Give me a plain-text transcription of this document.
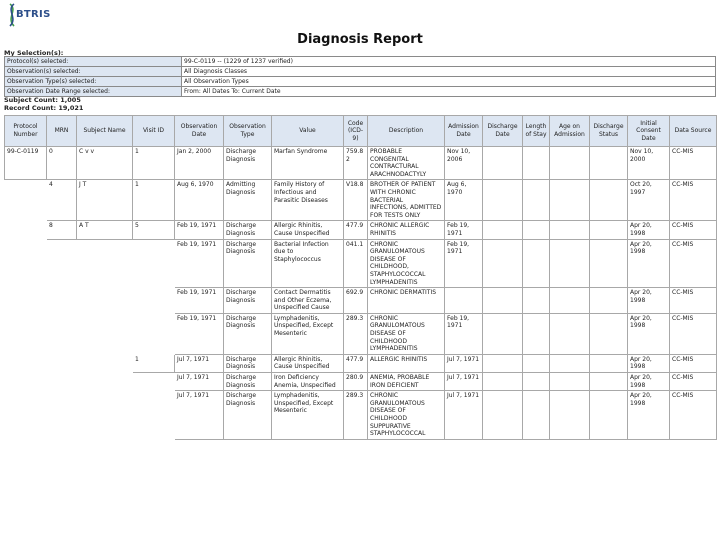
BTRIS
Diagnosis Report
My Selection(s):
Protocol(s) selected:	99-C-0119 -- (1229 of 1237 verified)
Observation(s) selected:	All Diagnosis Classes
Observation Type(s) selected:	All Observation Types
Observation Date Range selected:	From: All Dates To: Current Date
Subject Count: 1,005
Record Count: 19,021
Protocol Number	MRN	Subject Name	Visit ID	Observation Date	Observation Type	Value	Code (ICD-9)	Description	Admission Date	Discharge Date	Length of Stay	Age on Admission	Discharge Status	Initial Consent Date	Data Source
99-C-0119	0	C v v	1	Jan 2, 2000	Discharge Diagnosis	Marfan Syndrome	759.82	PROBABLE CONGENITAL CONTRACTURAL ARACHNODACTYLY	Nov 10, 2006					Nov 10, 2000	CC-MIS
	4	J T	1	Aug 6, 1970	Admitting Diagnosis	Family History of Infectious and Parasitic Diseases	V18.8	BROTHER OF PATIENT WITH CHRONIC BACTERIAL INFECTIONS, ADMITTED FOR TESTS ONLY	Aug 6, 1970					Oct 20, 1997	CC-MIS
	8	A T	5	Feb 19, 1971	Discharge Diagnosis	Allergic Rhinitis, Cause Unspecified	477.9	CHRONIC ALLERGIC RHINITIS	Feb 19, 1971					Apr 20, 1998	CC-MIS
				Feb 19, 1971	Discharge Diagnosis	Bacterial Infection due to Staphylococcus	041.1	CHRONIC GRANULOMATOUS DISEASE OF CHILDHOOD, STAPHYLOCOCCAL LYMPHADENITIS	Feb 19, 1971					Apr 20, 1998	CC-MIS
				Feb 19, 1971	Discharge Diagnosis	Contact Dermatitis and Other Eczema, Unspecified Cause	692.9	CHRONIC DERMATITIS						Apr 20, 1998	CC-MIS
				Feb 19, 1971	Discharge Diagnosis	Lymphadenitis, Unspecified, Except Mesenteric	289.3	CHRONIC GRANULOMATOUS DISEASE OF CHILDHOOD LYMPHADENITIS	Feb 19, 1971					Apr 20, 1998	CC-MIS
			1	Jul 7, 1971	Discharge Diagnosis	Allergic Rhinitis, Cause Unspecified	477.9	ALLERGIC RHINITIS	Jul 7, 1971					Apr 20, 1998	CC-MIS
				Jul 7, 1971	Discharge Diagnosis	Iron Deficiency Anemia, Unspecified	280.9	ANEMIA, PROBABLE IRON DEFICIENT	Jul 7, 1971					Apr 20, 1998	CC-MIS
				Jul 7, 1971	Discharge Diagnosis	Lymphadenitis, Unspecified, Except Mesenteric	289.3	CHRONIC GRANULOMATOUS DISEASE OF CHILDHOOD SUPPURATIVE STAPHYLOCOCCAL	Jul 7, 1971					Apr 20, 1998	CC-MIS
